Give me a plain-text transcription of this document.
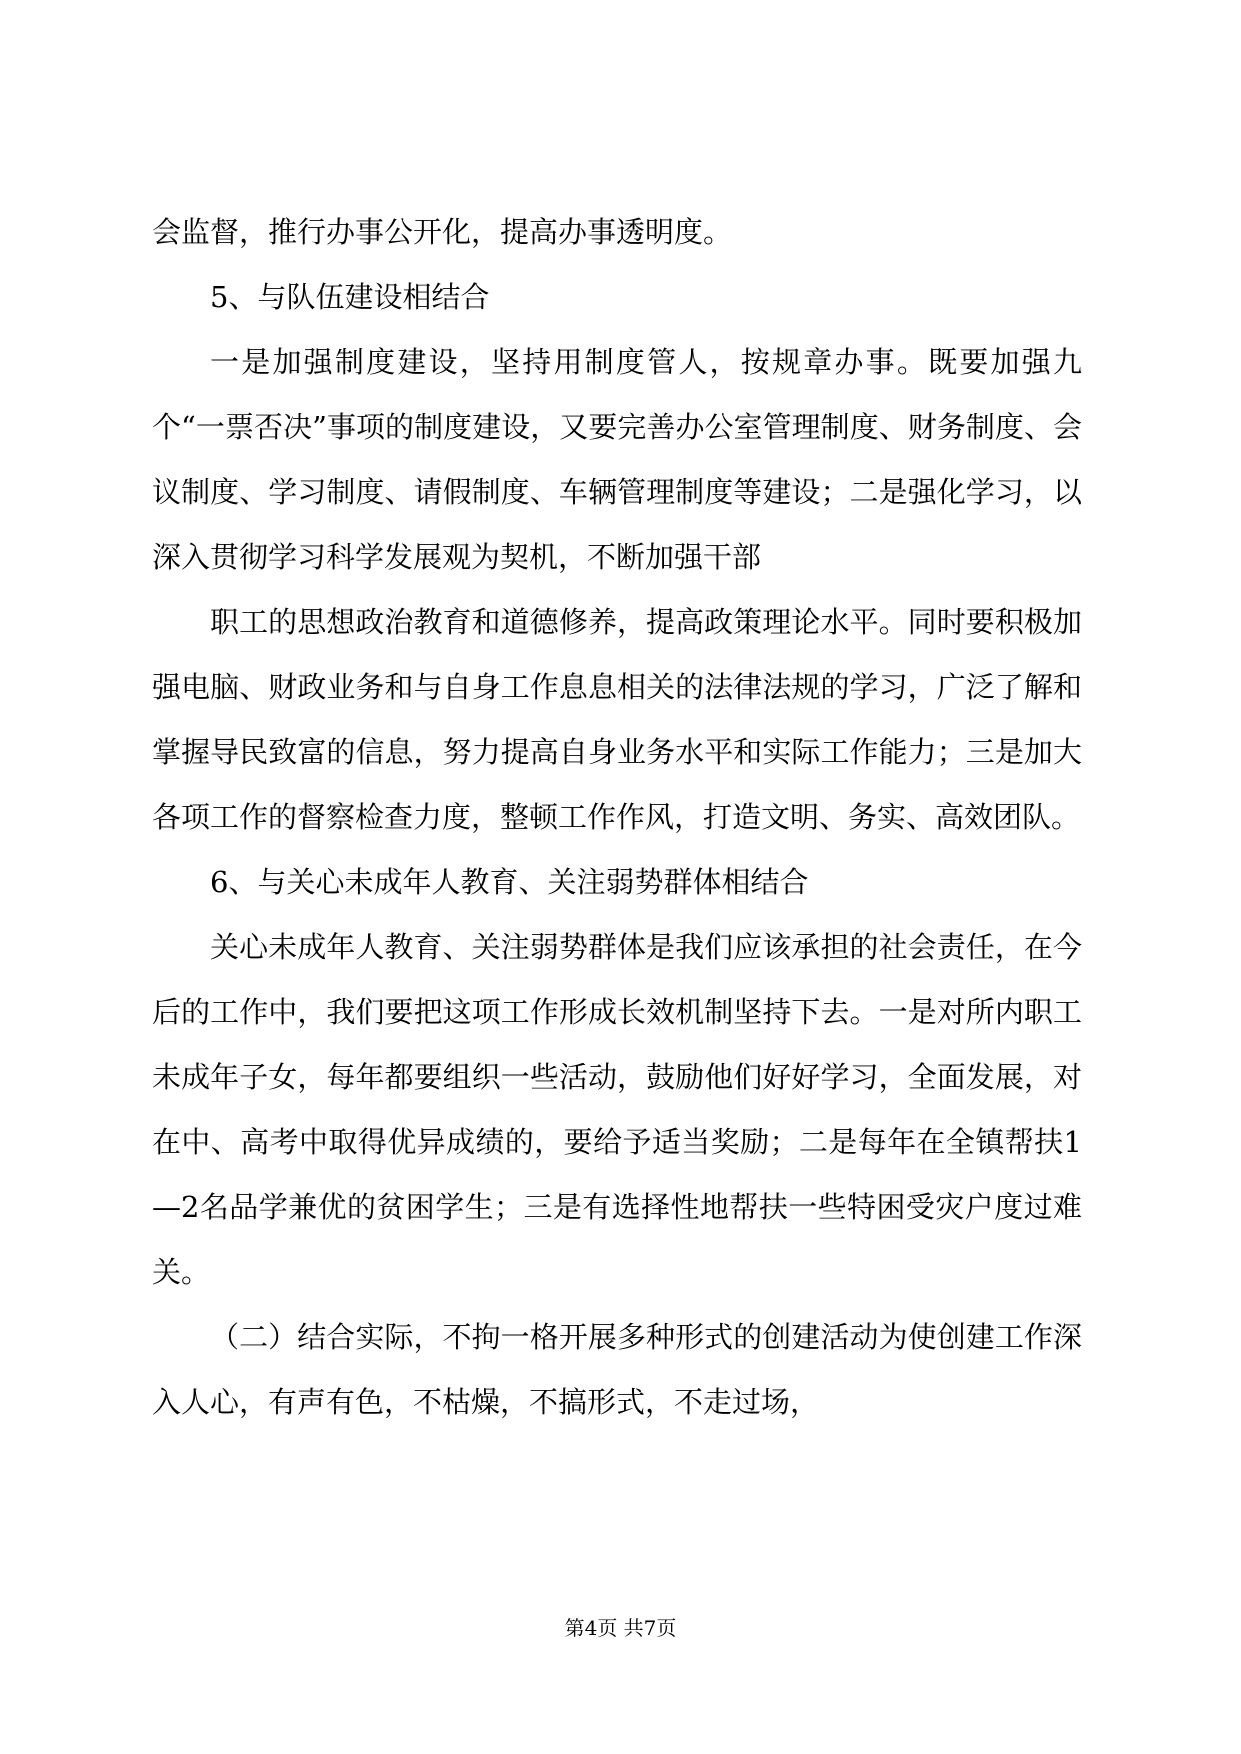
会监督，推行办事公开化，提高办事透明度。

5、与队伍建设相结合

一是加强制度建设，坚持用制度管人，按规章办事。既要加强九个“一票否决”事项的制度建设，又要完善办公室管理制度、财务制度、会议制度、学习制度、请假制度、车辆管理制度等建设；二是强化学习，以深入贯彻学习科学发展观为契机，不断加强干部

职工的思想政治教育和道德修养，提高政策理论水平。同时要积极加强电脑、财政业务和与自身工作息息相关的法律法规的学习，广泛了解和掌握导民致富的信息，努力提高自身业务水平和实际工作能力；三是加大各项工作的督察检查力度，整顿工作作风，打造文明、务实、高效团队。

6、与关心未成年人教育、关注弱势群体相结合

关心未成年人教育、关注弱势群体是我们应该承担的社会责任，在今后的工作中，我们要把这项工作形成长效机制坚持下去。一是对所内职工未成年子女，每年都要组织一些活动，鼓励他们好好学习，全面发展，对在中、高考中取得优异成绩的，要给予适当奖励；二是每年在全镇帮扶1—2名品学兼优的贫困学生；三是有选择性地帮扶一些特困受灾户度过难关。

（二）结合实际，不拘一格开展多种形式的创建活动为使创建工作深入人心，有声有色，不枯燥，不搞形式，不走过场，

第4页 共7页
